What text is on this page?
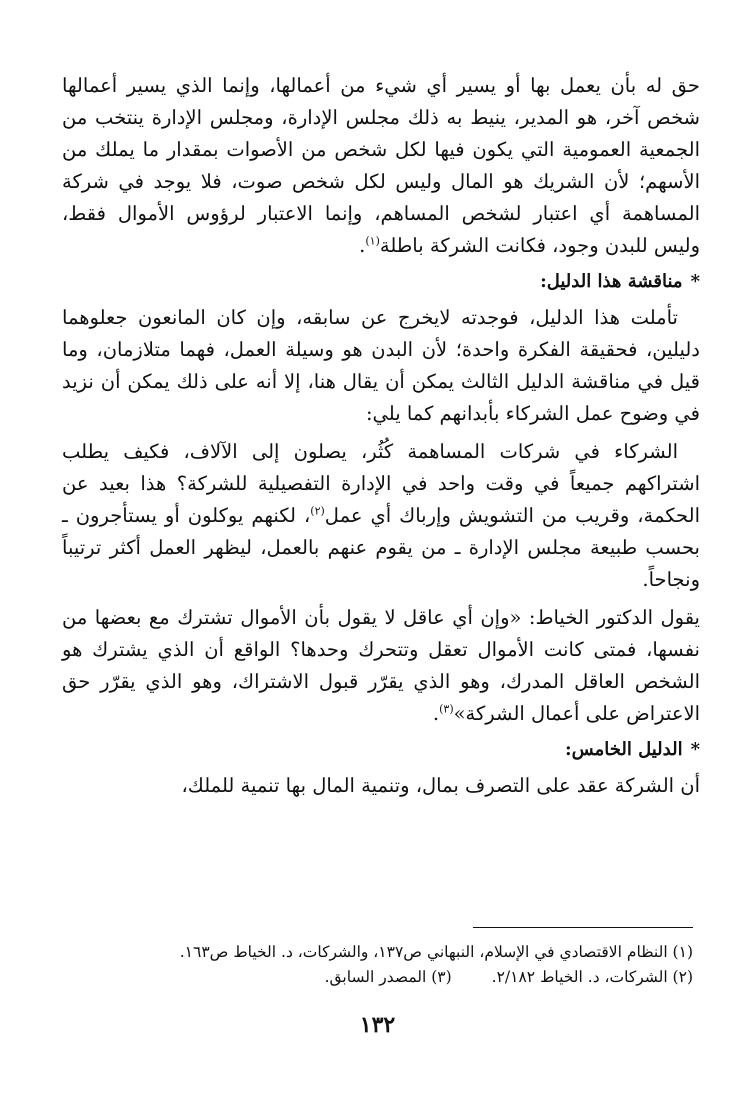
حق له بأن يعمل بها أو يسير أي شيء من أعمالها، وإنما الذي يسير أعمالها شخص آخر، هو المدير، ينيط به ذلك مجلس الإدارة، ومجلس الإدارة ينتخب من الجمعية العمومية التي يكون فيها لكل شخص من الأصوات بمقدار ما يملك من الأسهم؛ لأن الشريك هو المال وليس لكل شخص صوت، فلا يوجد في شركة المساهمة أي اعتبار لشخص المساهم، وإنما الاعتبار لرؤوس الأموال فقط، وليس للبدن وجود، فكانت الشركة باطلة$^{(١)}$.

*مناقشة هذا الدليل:

تأملت هذا الدليل، فوجدته لايخرج عن سابقه، وإن كان المانعون جعلوهما دليلين، فحقيقة الفكرة واحدة؛ لأن البدن هو وسيلة العمل، فهما متلازمان، وما قيل في مناقشة الدليل الثالث يمكن أن يقال هنا، إلا أنه على ذلك يمكن أن نزيد في وضوح عمل الشركاء بأبدانهم كما يلي:

الشركاء في شركات المساهمة كُثُر، يصلون إلى الآلاف، فكيف يطلب اشتراكهم جميعاً في وقت واحد في الإدارة التفصيلية للشركة؟ هذا بعيد عن الحكمة، وقريب من التشويش وإرباك أي عمل$^{(٢)}$، لكنهم يوكلون أو يستأجرون ـ بحسب طبيعة مجلس الإدارة ـ من يقوم عنهم بالعمل، ليظهر العمل أكثر ترتيباً ونجاحاً.

يقول الدكتور الخياط: «وإن أي عاقل لا يقول بأن الأموال تشترك مع بعضها من نفسها، فمتى كانت الأموال تعقل وتتحرك وحدها؟ الواقع أن الذي يشترك هو الشخص العاقل المدرك، وهو الذي يقرّر قبول الاشتراك، وهو الذي يقرّر حق الاعتراض على أعمال الشركة»$^{(٣)}$.

*الدليل الخامس:

أن الشركة عقد على التصرف بمال، وتنمية المال بها تنمية للملك،

(١) النظام الاقتصادي في الإسلام، النبهاني ص١٣٧، والشركات، د. الخياط ص١٦٣.
(٢) الشركات، د. الخياط ٢/١٨٢.(٣) المصدر السابق.
١٣٢
